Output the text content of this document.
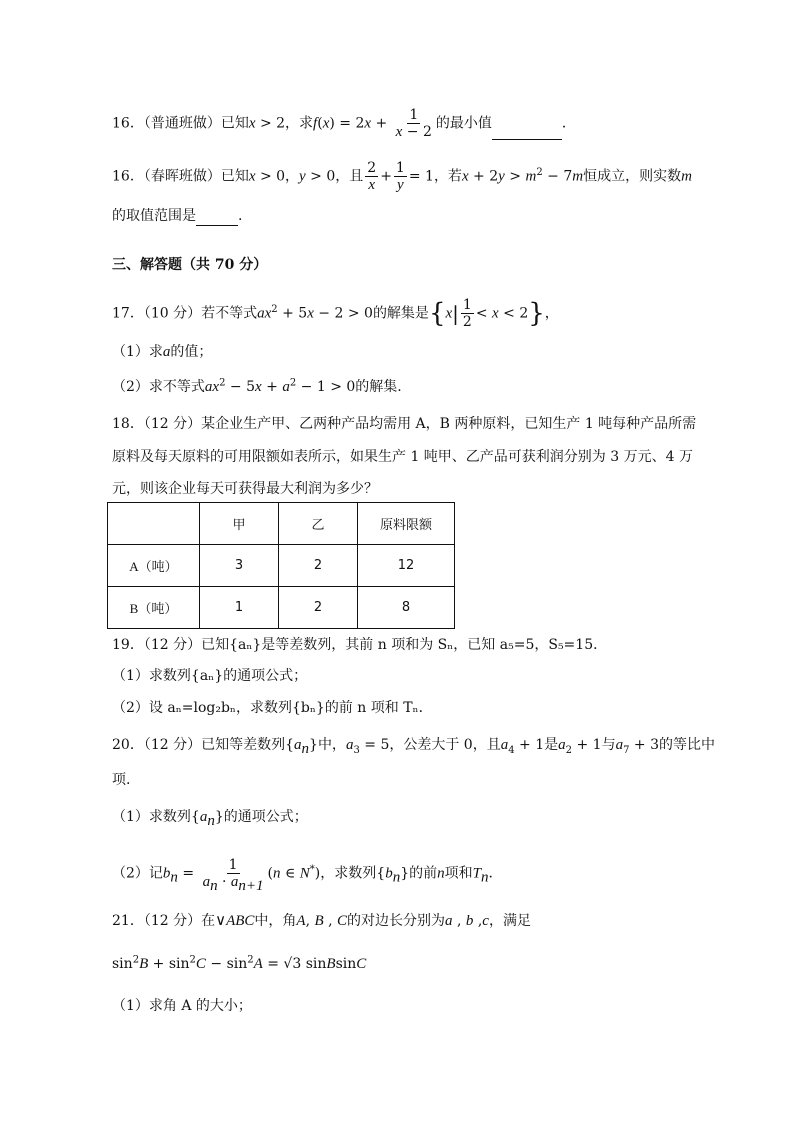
16．（普通班做）已知x > 2，求$f(x) = 2x + \frac{1}{x - 2}$ 的最小值	．
16．（春晖班做）已知x > 0，y > 0，且 $\frac{2}{x} + \frac{1}{y} = 1$，若$x + 2y > m^2 - 7m$恒成立，则实数m
的取值范围是	.
三、解答题（共 70 分）
17．（10 分）若不等式$ax^2 + 5x - 2 > 0$的解集是$\{x| \frac{1}{2} < x < 2\}$，
（1）求a的值；
（2）求不等式$ax^2 - 5x + a^2 - 1 > 0$的解集.
18．（12 分）某企业生产甲、乙两种产品均需用 A，B 两种原料，已知生产 1 吨每种产品所需
原料及每天原料的可用限额如表所示，如果生产 1 吨甲、乙产品可获利润分别为 3 万元、4 万
元，则该企业每天可获得最大利润为多少？
	甲	乙	原料限额
A（吨）	3	2	12
B（吨）	1	2	8
19．（12 分）已知{aₙ}是等差数列，其前 n 项和为 Sₙ，已知 a₅=5，S₅=15．
（1）求数列{aₙ}的通项公式；
（2）设 aₙ=log₂bₙ，求数列{bₙ}的前 n 项和 Tₙ．
20．（12 分）已知等差数列$\{a_n\}$中，$a_3 = 5$，公差大于 0，且$a_4 + 1$是$a_2 + 1$与$a_7 + 3$的等比中
项.
（1）求数列$\{a_n\}$的通项公式；
（2）记$b_n = \frac{1}{a_n \cdot a_{n+1}} (n$ ∈ N*)，求数列$\{b_n\}$的前n项和$T_n$．
21．（12 分）在∨ABC中，角A, B , C的对边长分别为a , b ,c，满足
$\sin^2B + \sin^2C - \sin^2A = √3$ sinBsinC
（1）求角 A 的大小；
